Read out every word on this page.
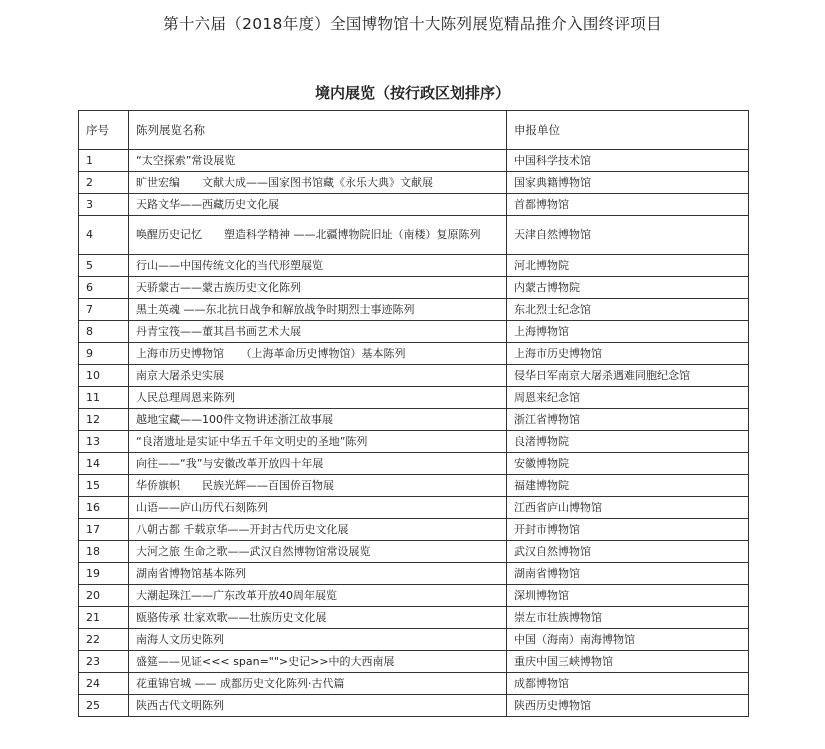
第十六届（2018年度）全国博物馆十大陈列展览精品推介入围终评项目
境内展览（按行政区划排序）
序号	陈列展览名称	申报单位
1	“太空探索”常设展览	中国科学技术馆
2	旷世宏编　　文献大成——国家图书馆藏《永乐大典》文献展	国家典籍博物馆
3	天路文华——西藏历史文化展	首都博物馆
4	唤醒历史记忆　　塑造科学精神 ——北疆博物院旧址（南楼）复原陈列	天津自然博物馆
5	行山——中国传统文化的当代形塑展览	河北博物院
6	天骄蒙古——蒙古族历史文化陈列	内蒙古博物院
7	黑土英魂 ——东北抗日战争和解放战争时期烈士事迹陈列	东北烈士纪念馆
8	丹青宝筏——董其昌书画艺术大展	上海博物馆
9	上海市历史博物馆　　（上海革命历史博物馆）基本陈列	上海市历史博物馆
10	南京大屠杀史实展	侵华日军南京大屠杀遇难同胞纪念馆
11	人民总理周恩来陈列	周恩来纪念馆
12	越地宝藏——100件文物讲述浙江故事展	浙江省博物馆
13	“良渚遗址是实证中华五千年文明史的圣地”陈列	良渚博物院
14	向往——“我”与安徽改革开放四十年展	安徽博物院
15	华侨旗帜　　民族光辉——百国侨百物展	福建博物院
16	山语——庐山历代石刻陈列	江西省庐山博物馆
17	八朝古都 千载京华——开封古代历史文化展	开封市博物馆
18	大河之旅 生命之歌——武汉自然博物馆常设展览	武汉自然博物馆
19	湖南省博物馆基本陈列	湖南省博物馆
20	大潮起珠江——广东改革开放40周年展览	深圳博物馆
21	瓯骆传承 壮家欢歌——壮族历史文化展	崇左市壮族博物馆
22	南海人文历史陈列	中国（海南）南海博物馆
23	盛筵——见证<<< span="">史记>>中的大西南展	重庆中国三峡博物馆
24	花重锦官城 —— 成都历史文化陈列·古代篇	成都博物馆
25	陕西古代文明陈列	陕西历史博物馆
